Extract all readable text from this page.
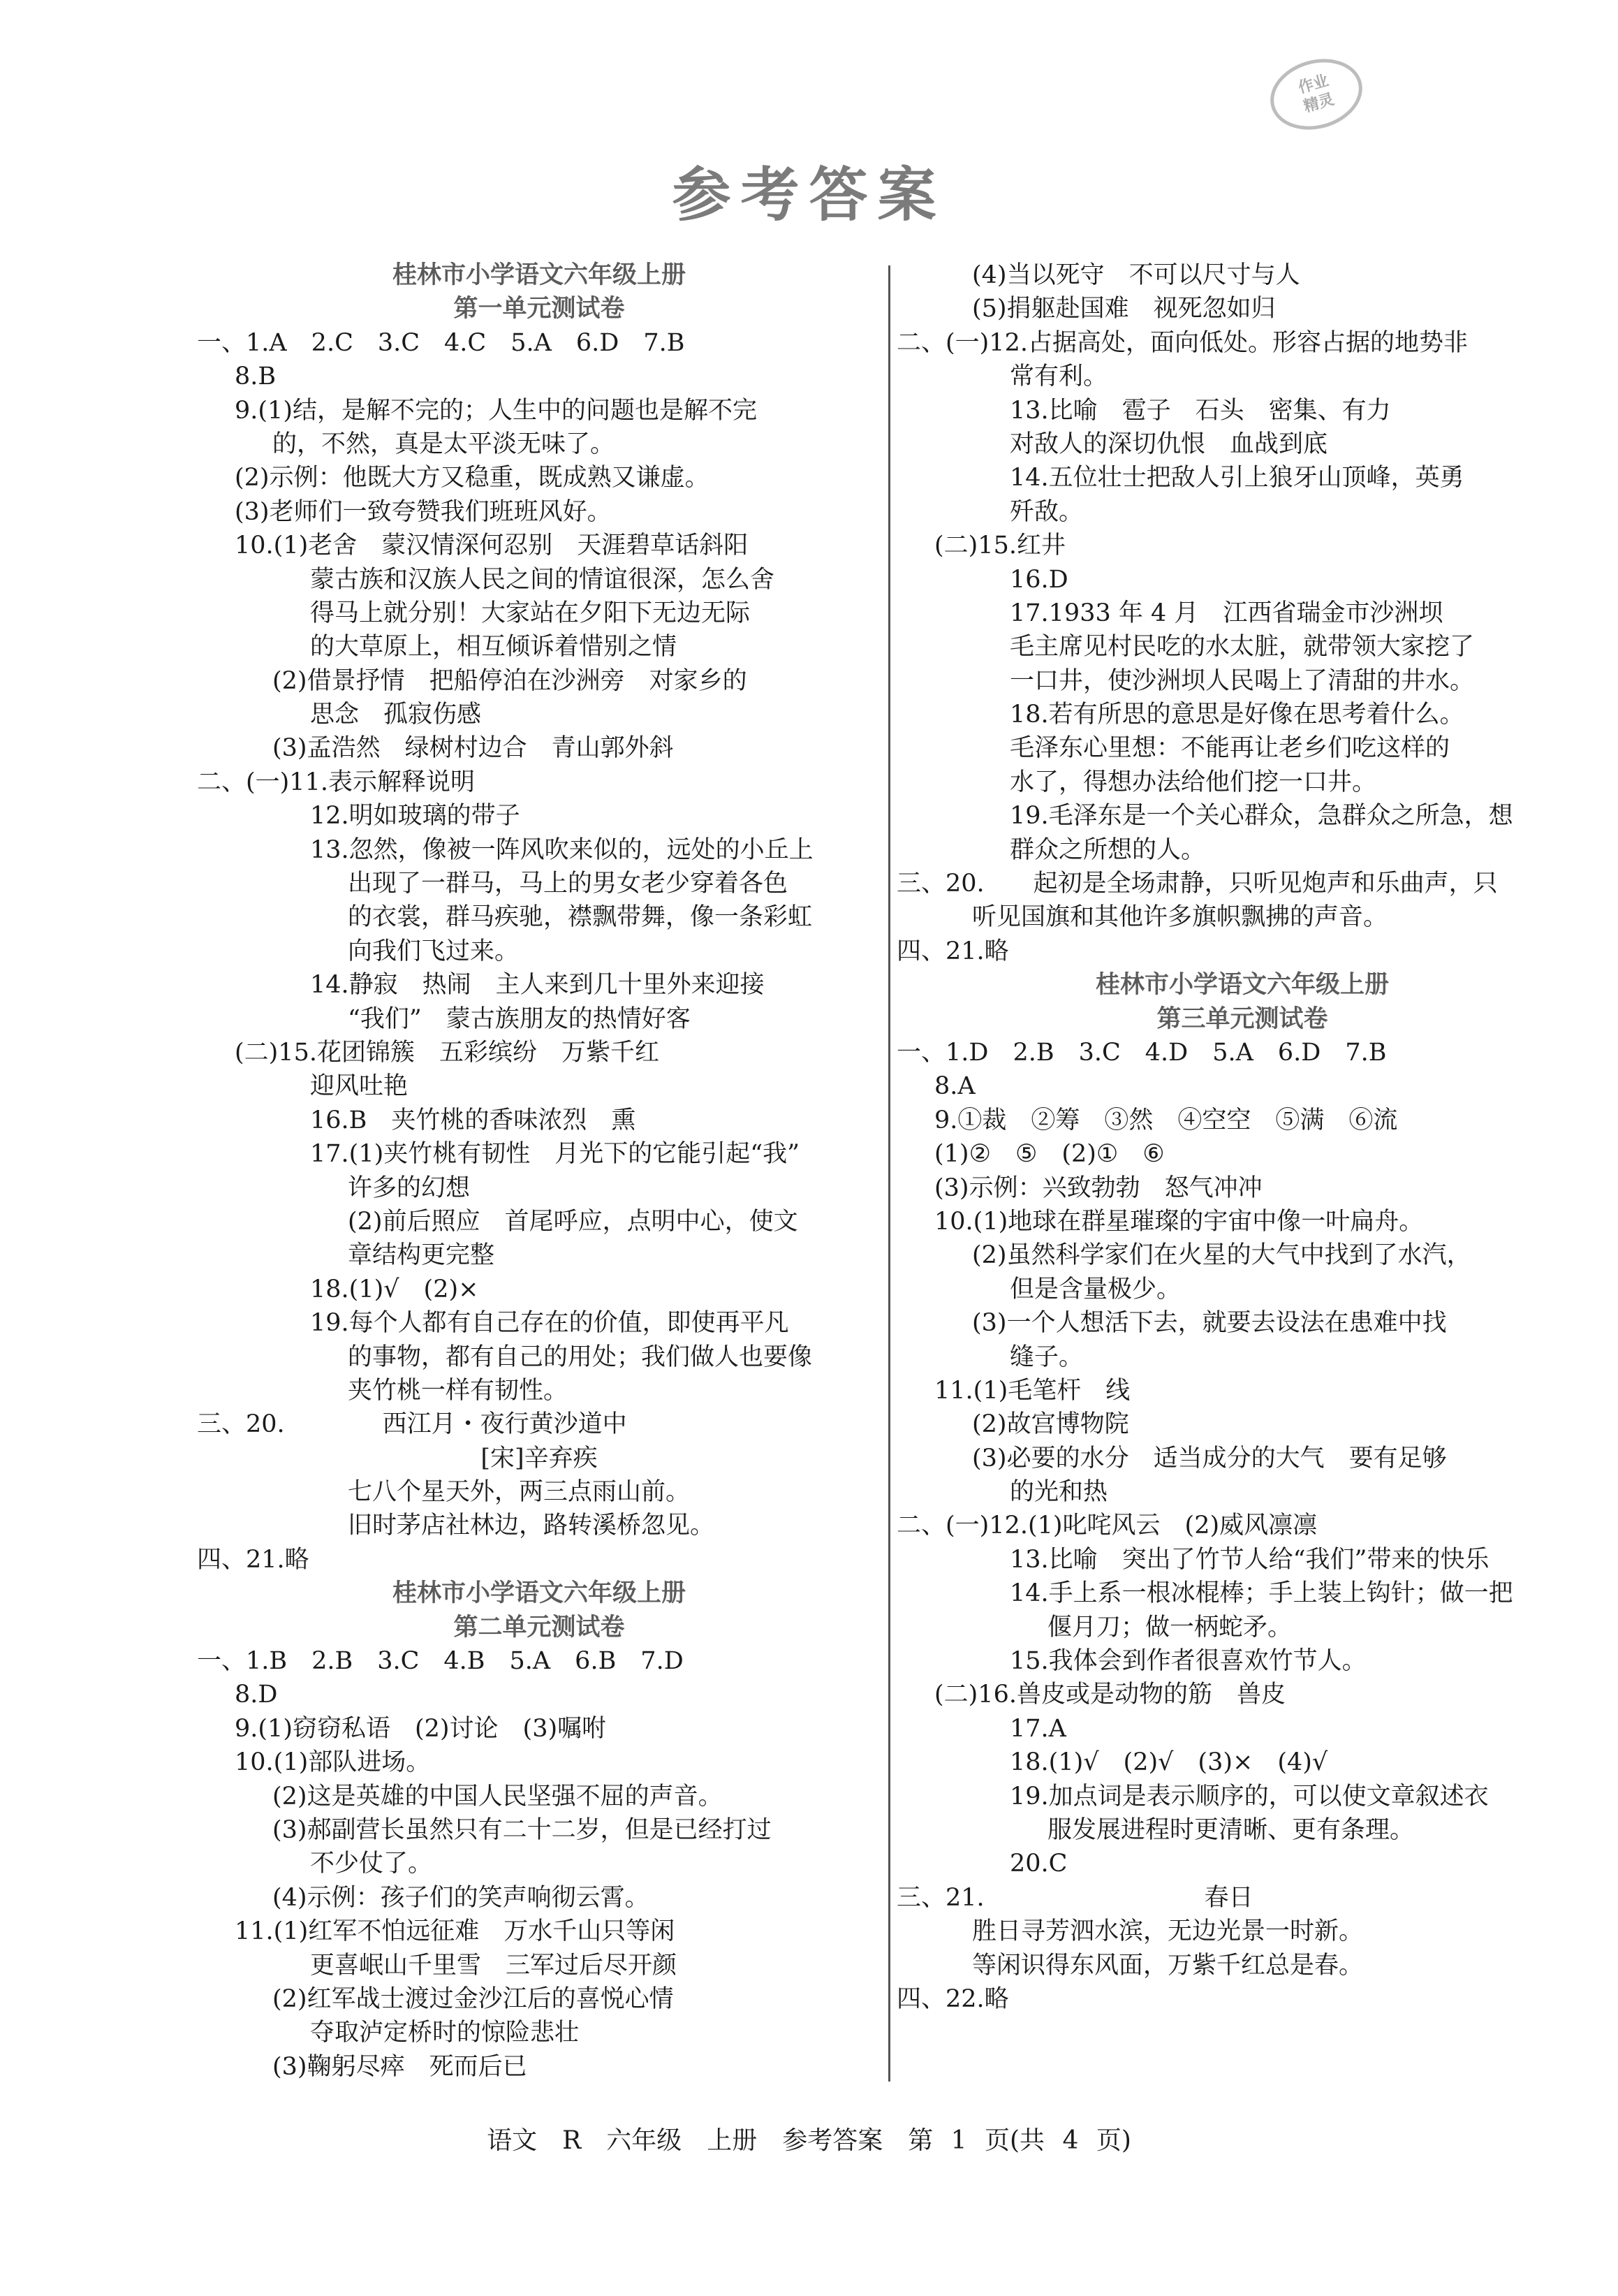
作业
精灵
参考答案
桂林市小学语文六年级上册
第一单元测试卷
一、1.A　2.C　3.C　4.C　5.A　6.D　7.B
8.B
9.(1)结，是解不完的；人生中的问题也是解不完
的，不然，真是太平淡无味了。
(2)示例：他既大方又稳重，既成熟又谦虚。
(3)老师们一致夸赞我们班班风好。
10.(1)老舍　蒙汉情深何忍别　天涯碧草话斜阳
蒙古族和汉族人民之间的情谊很深，怎么舍
得马上就分别！大家站在夕阳下无边无际
的大草原上，相互倾诉着惜别之情
(2)借景抒情　把船停泊在沙洲旁　对家乡的
思念　孤寂伤感
(3)孟浩然　绿树村边合　青山郭外斜
二、(一)11.表示解释说明
12.明如玻璃的带子
13.忽然，像被一阵风吹来似的，远处的小丘上
出现了一群马，马上的男女老少穿着各色
的衣裳，群马疾驰，襟飘带舞，像一条彩虹
向我们飞过来。
14.静寂　热闹　主人来到几十里外来迎接
“我们”　蒙古族朋友的热情好客
(二)15.花团锦簇　五彩缤纷　万紫千红
迎风吐艳
16.B　夹竹桃的香味浓烈　熏
17.(1)夹竹桃有韧性　月光下的它能引起“我”
许多的幻想
(2)前后照应　首尾呼应，点明中心，使文
章结构更完整
18.(1)√　(2)×
19.每个人都有自己存在的价值，即使再平凡
的事物，都有自己的用处；我们做人也要像
夹竹桃一样有韧性。
三、20.　　　　西江月・夜行黄沙道中
[宋]辛弃疾
七八个星天外，两三点雨山前。
旧时茅店社林边，路转溪桥忽见。
四、21.略
桂林市小学语文六年级上册
第二单元测试卷
一、1.B　2.B　3.C　4.B　5.A　6.B　7.D
8.D
9.(1)窃窃私语　(2)讨论　(3)嘱咐
10.(1)部队进场。
(2)这是英雄的中国人民坚强不屈的声音。
(3)郝副营长虽然只有二十二岁，但是已经打过
不少仗了。
(4)示例：孩子们的笑声响彻云霄。
11.(1)红军不怕远征难　万水千山只等闲
更喜岷山千里雪　三军过后尽开颜
(2)红军战士渡过金沙江后的喜悦心情
夺取泸定桥时的惊险悲壮
(3)鞠躬尽瘁　死而后已
(4)当以死守　不可以尺寸与人
(5)捐躯赴国难　视死忽如归
二、(一)12.占据高处，面向低处。形容占据的地势非
常有利。
13.比喻　雹子　石头　密集、有力
对敌人的深切仇恨　血战到底
14.五位壮士把敌人引上狼牙山顶峰，英勇
歼敌。
(二)15.红井
16.D
17.1933 年 4 月　江西省瑞金市沙洲坝
毛主席见村民吃的水太脏，就带领大家挖了
一口井，使沙洲坝人民喝上了清甜的井水。
18.若有所思的意思是好像在思考着什么。
毛泽东心里想：不能再让老乡们吃这样的
水了，得想办法给他们挖一口井。
19.毛泽东是一个关心群众，急群众之所急，想
群众之所想的人。
三、20.　　起初是全场肃静，只听见炮声和乐曲声，只
听见国旗和其他许多旗帜飘拂的声音。
四、21.略
桂林市小学语文六年级上册
第三单元测试卷
一、1.D　2.B　3.C　4.D　5.A　6.D　7.B
8.A
9.①裁　②筹　③然　④空空　⑤满　⑥流
(1)②　⑤　(2)①　⑥
(3)示例：兴致勃勃　怒气冲冲
10.(1)地球在群星璀璨的宇宙中像一叶扁舟。
(2)虽然科学家们在火星的大气中找到了水汽，
但是含量极少。
(3)一个人想活下去，就要去设法在患难中找
缝子。
11.(1)毛笔杆　线
(2)故宫博物院
(3)必要的水分　适当成分的大气　要有足够
的光和热
二、(一)12.(1)叱咤风云　(2)威风凛凛
13.比喻　突出了竹节人给“我们”带来的快乐
14.手上系一根冰棍棒；手上装上钩针；做一把
偃月刀；做一柄蛇矛。
15.我体会到作者很喜欢竹节人。
(二)16.兽皮或是动物的筋　兽皮
17.A
18.(1)√　(2)√　(3)×　(4)√
19.加点词是表示顺序的，可以使文章叙述衣
服发展进程时更清晰、更有条理。
20.C
三、21.　　　　　　　　　春日
胜日寻芳泗水滨，无边光景一时新。
等闲识得东风面，万紫千红总是春。
四、22.略
语文　R　六年级　上册　参考答案　第 1 页(共 4 页)
